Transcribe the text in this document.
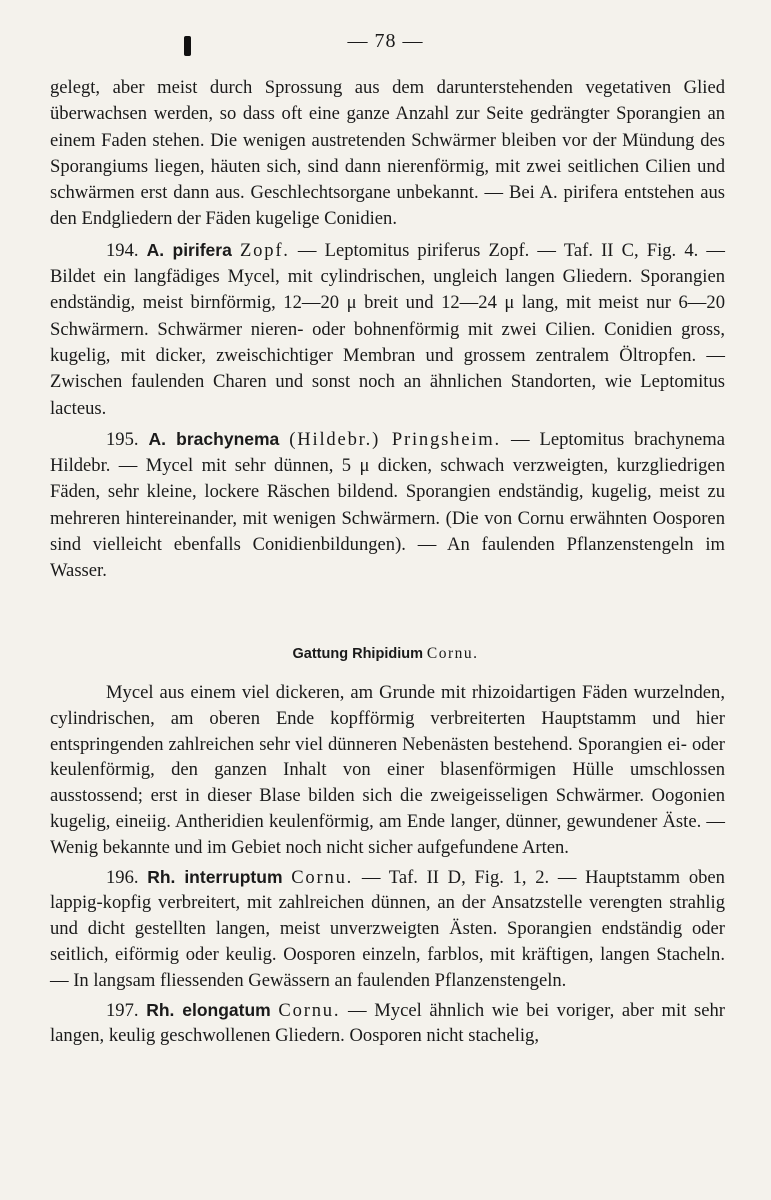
— 78 —

gelegt, aber meist durch Sprossung aus dem darunterstehenden vegetativen Glied überwachsen werden, so dass oft eine ganze Anzahl zur Seite gedrängter Sporangien an einem Faden stehen. Die wenigen austretenden Schwärmer bleiben vor der Mündung des Sporangiums liegen, häuten sich, sind dann nierenförmig, mit zwei seitlichen Cilien und schwärmen erst dann aus. Geschlechtsorgane unbekannt. — Bei A. pirifera entstehen aus den Endgliedern der Fäden kugelige Conidien.

194. A. pirifera Zopf. — Leptomitus piriferus Zopf. — Taf. II C, Fig. 4. — Bildet ein langfädiges Mycel, mit cylindrischen, ungleich langen Gliedern. Sporangien endständig, meist birnförmig, 12—20 μ breit und 12—24 μ lang, mit meist nur 6—20 Schwärmern. Schwärmer nieren- oder bohnenförmig mit zwei Cilien. Conidien gross, kugelig, mit dicker, zweischichtiger Membran und grossem zentralem Öltropfen. — Zwischen faulenden Charen und sonst noch an ähnlichen Standorten, wie Leptomitus lacteus.

195. A. brachynema (Hildebr.) Pringsheim. — Leptomitus brachynema Hildebr. — Mycel mit sehr dünnen, 5 μ dicken, schwach verzweigten, kurzgliedrigen Fäden, sehr kleine, lockere Räschen bildend. Sporangien endständig, kugelig, meist zu mehreren hintereinander, mit wenigen Schwärmern. (Die von Cornu erwähnten Oosporen sind vielleicht ebenfalls Conidienbildungen). — An faulenden Pflanzenstengeln im Wasser.

Gattung Rhipidium Cornu.

Mycel aus einem viel dickeren, am Grunde mit rhizoidartigen Fäden wurzelnden, cylindrischen, am oberen Ende kopfförmig verbreiterten Hauptstamm und hier entspringenden zahlreichen sehr viel dünneren Nebenästen bestehend. Sporangien ei- oder keulenförmig, den ganzen Inhalt von einer blasenförmigen Hülle umschlossen ausstossend; erst in dieser Blase bilden sich die zweigeisseligen Schwärmer. Oogonien kugelig, eineiig. Antheridien keulenförmig, am Ende langer, dünner, gewundener Äste. — Wenig bekannte und im Gebiet noch nicht sicher aufgefundene Arten.

196. Rh. interruptum Cornu. — Taf. II D, Fig. 1, 2. — Hauptstamm oben lappig-kopfig verbreitert, mit zahlreichen dünnen, an der Ansatzstelle verengten strahlig und dicht gestellten langen, meist unverzweigten Ästen. Sporangien endständig oder seitlich, eiförmig oder keulig. Oosporen einzeln, farblos, mit kräftigen, langen Stacheln. — In langsam fliessenden Gewässern an faulenden Pflanzenstengeln.

197. Rh. elongatum Cornu. — Mycel ähnlich wie bei voriger, aber mit sehr langen, keulig geschwollenen Gliedern. Oosporen nicht stachelig,
